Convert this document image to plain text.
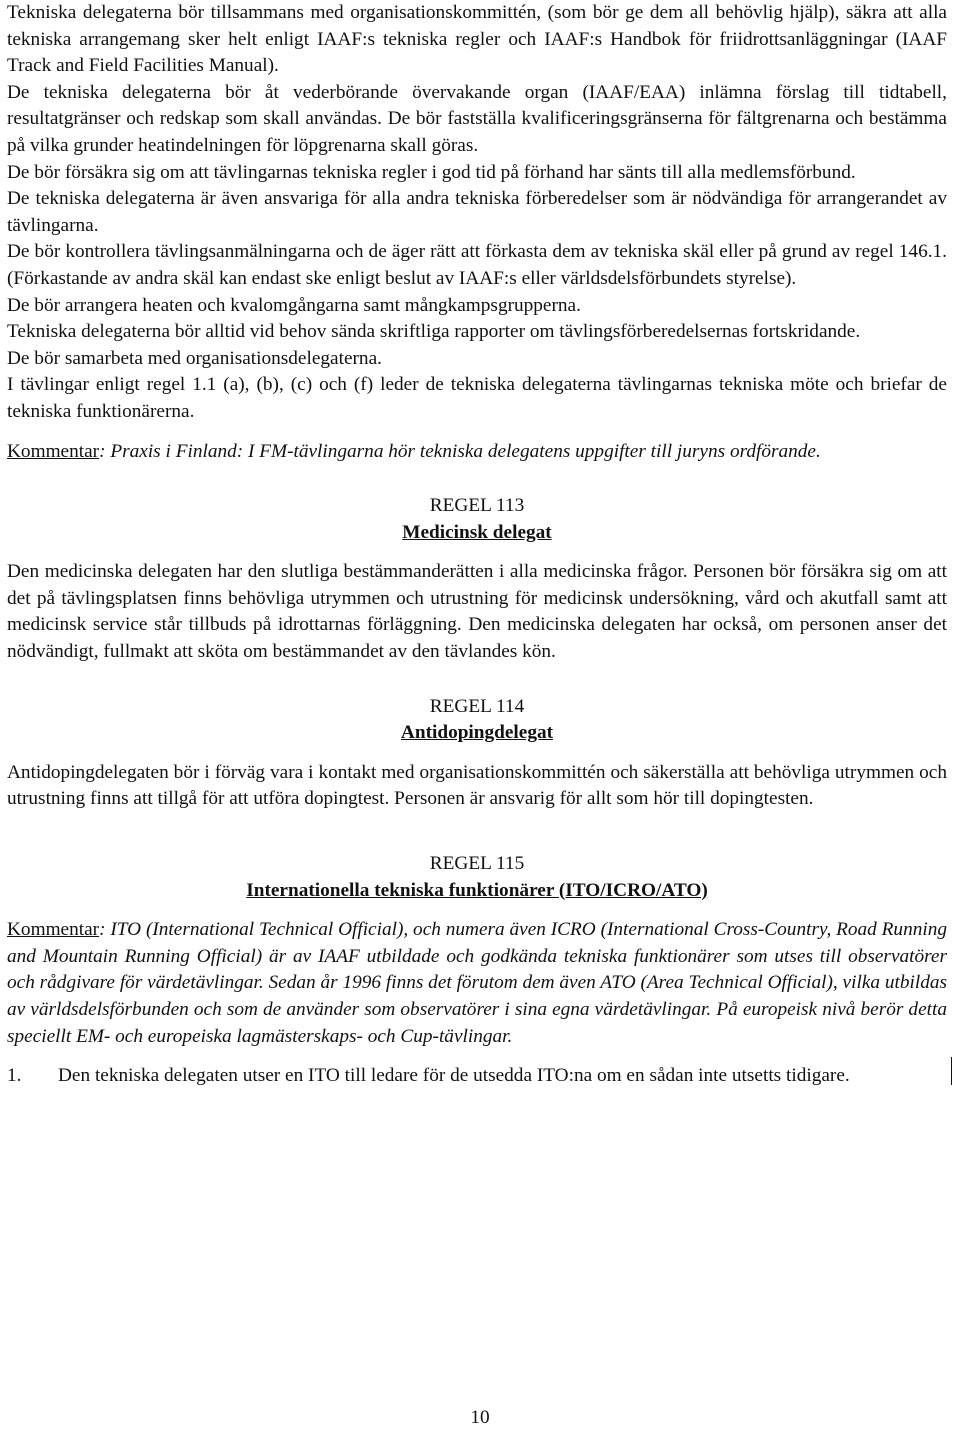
Tekniska delegaterna bör tillsammans med organisationskommittén, (som bör ge dem all behövlig hjälp), säkra att alla tekniska arrangemang sker helt enligt IAAF:s tekniska regler och IAAF:s Handbok för friidrottsanläggningar (IAAF Track and Field Facilities Manual).

De tekniska delegaterna bör åt vederbörande övervakande organ (IAAF/EAA) inlämna förslag till tidtabell, resultatgränser och redskap som skall användas. De bör fastställa kvalificeringsgränserna för fältgrenarna och bestämma på vilka grunder heatindelningen för löpgrenarna skall göras.

De bör försäkra sig om att tävlingarnas tekniska regler i god tid på förhand har sänts till alla medlemsförbund.

De tekniska delegaterna är även ansvariga för alla andra tekniska förberedelser som är nödvändiga för arrangerandet av tävlingarna.

De bör kontrollera tävlingsanmälningarna och de äger rätt att förkasta dem av tekniska skäl eller på grund av regel 146.1. (Förkastande av andra skäl kan endast ske enligt beslut av IAAF:s eller världsdelsförbundets styrelse).

De bör arrangera heaten och kvalomgångarna samt mångkampsgrupperna.

Tekniska delegaterna bör alltid vid behov sända skriftliga rapporter om tävlingsförberedelsernas fortskridande.

De bör samarbeta med organisationsdelegaterna.

I tävlingar enligt regel 1.1 (a), (b), (c) och (f) leder de tekniska delegaterna tävlingarnas tekniska möte och briefar de tekniska funktionärerna.

Kommentar: Praxis i Finland: I FM-tävlingarna hör tekniska delegatens uppgifter till juryns ordförande.

REGEL 113
Medicinsk delegat

Den medicinska delegaten har den slutliga bestämmanderätten i alla medicinska frågor. Personen bör försäkra sig om att det på tävlingsplatsen finns behövliga utrymmen och utrustning för medicinsk undersökning, vård och akutfall samt att medicinsk service står tillbuds på idrottarnas förläggning. Den medicinska delegaten har också, om personen anser det nödvändigt, fullmakt att sköta om bestämmandet av den tävlandes kön.

REGEL 114
Antidopingdelegat

Antidopingdelegaten bör i förväg vara i kontakt med organisationskommittén och säkerställa att behövliga utrymmen och utrustning finns att tillgå för att utföra dopingtest. Personen är ansvarig för allt som hör till dopingtesten.

REGEL 115
Internationella tekniska funktionärer (ITO/ICRO/ATO)

Kommentar: ITO (International Technical Official), och numera även ICRO (International Cross-Country, Road Running and Mountain Running Official) är av IAAF utbildade och godkända tekniska funktionärer som utses till observatörer och rådgivare för värdetävlingar. Sedan år 1996 finns det förutom dem även ATO (Area Technical Official), vilka utbildas av världsdelsförbunden och som de använder som observatörer i sina egna värdetävlingar. På europeisk nivå berör detta speciellt EM- och europeiska lagmästerskaps- och Cup-tävlingar.

1.	Den tekniska delegaten utser en ITO till ledare för de utsedda ITO:na om en sådan inte utsetts tidigare.
10
